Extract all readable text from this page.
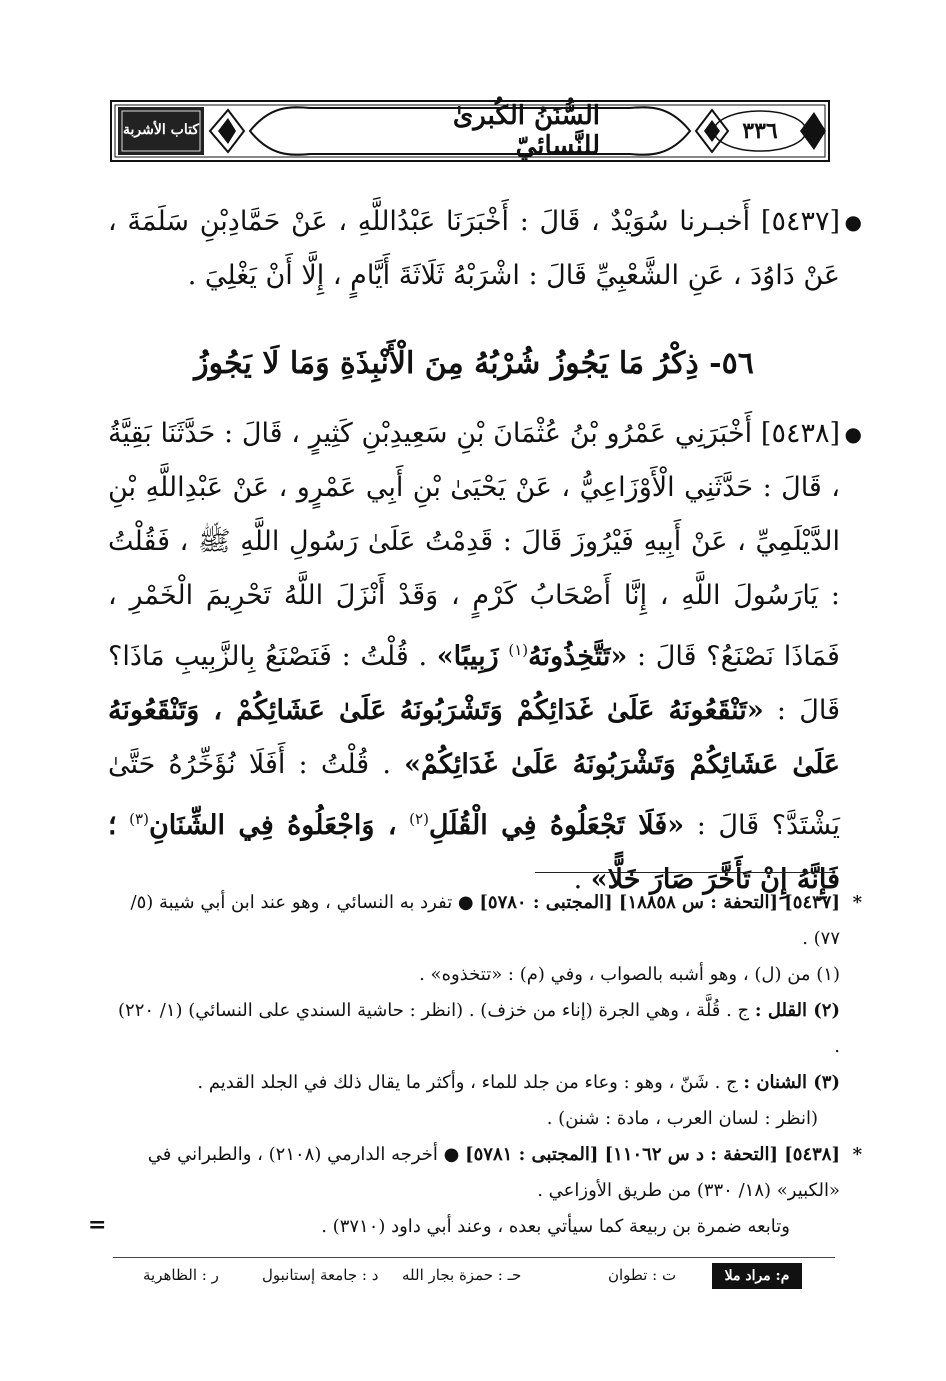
كتاب الأشربة	السُّنَنُ الكُبرىٰ للنَّسائيّ	٣٣٦

●
[٥٤٣٧] أَخبـرنا سُوَيْدٌ ، قَالَ : أَخْبَرَنَا عَبْدُاللَّهِ ، عَنْ حَمَّادِبْنِ سَلَمَةَ ، عَنْ دَاوُدَ ، عَنِ الشَّعْبِيِّ قَالَ : اشْرَبْهُ ثَلَاثَةَ أَيَّامٍ ، إِلَّا أَنْ يَغْلِيَ .

٥٦- ذِكْرُ مَا يَجُوزُ شُرْبُهُ مِنَ الْأَنْبِذَةِ وَمَا لَا يَجُوزُ

●
[٥٤٣٨] أَخْبَرَنِي عَمْرُو بْنُ عُثْمَانَ بْنِ سَعِيدِبْنِ كَثِيرٍ ، قَالَ : حَدَّثَنَا بَقِيَّةُ ، قَالَ : حَدَّثَنِي الْأَوْزَاعِيُّ ، عَنْ يَحْيَىٰ بْنِ أَبِي عَمْرٍو ، عَنْ عَبْدِاللَّهِ بْنِ الدَّيْلَمِيِّ ، عَنْ أَبِيهِ فَيْرُوزَ قَالَ : قَدِمْتُ عَلَىٰ رَسُولِ اللَّهِ ﷺ ، فَقُلْتُ : يَارَسُولَ اللَّهِ ، إِنَّا أَصْحَابُ كَرْمٍ ، وَقَدْ أَنْزَلَ اللَّهُ تَحْرِيمَ الْخَمْرِ ، فَمَاذَا نَصْنَعُ؟ قَالَ : «تَتَّخِذُونَهُ$^{(١)}$ زَبِيبًا» . قُلْتُ : فَنَصْنَعُ بِالزَّبِيبِ مَاذَا؟ قَالَ : «تَنْقَعُونَهُ عَلَىٰ غَدَائِكُمْ وَتَشْرَبُونَهُ عَلَىٰ عَشَائِكُمْ ، وَتَنْقَعُونَهُ عَلَىٰ عَشَائِكُمْ وَتَشْرَبُونَهُ عَلَىٰ غَدَائِكُمْ» . قُلْتُ : أَفَلَا نُؤَخِّرُهُ حَتَّىٰ يَشْتَدَّ؟ قَالَ : «فَلَا تَجْعَلُوهُ فِي الْقُلَلِ$^{(٢)}$ ، وَاجْعَلُوهُ فِي الشِّنَانِ$^{(٣)}$ ؛ فَإِنَّهُ إِنْ تَأَخَّرَ صَارَ خَلًّا» .

*
[٥٤٣٧] [التحفة : س ١٨٨٥٨] [المجتبى : ٥٧٨٠] ● تفرد به النسائي ، وهو عند ابن أبي شيبة (٥/ ٧٧) .

(١) من (ل) ، وهو أشبه بالصواب ، وفي (م) : «تتخذوه» .

(٢) القلل : ج . قُلَّة ، وهي الجرة (إناء من خزف) . (انظر : حاشية السندي على النسائي) (١/ ٢٢٠) .

(٣) الشنان : ج . شَنّ ، وهو : وعاء من جلد للماء ، وأكثر ما يقال ذلك في الجلد القديم .

(انظر : لسان العرب ، مادة : شنن) .

*
[٥٤٣٨] [التحفة : د س ١١٠٦٢] [المجتبى : ٥٧٨١] ● أخرجه الدارمي (٢١٠٨) ، والطبراني في «الكبير» (١٨/ ٣٣٠) من طريق الأوزاعي .

وتابعه ضمرة بن ربيعة كما سيأتي بعده ، وعند أبي داود (٣٧١٠) .

=
م: مراد ملا
ت : تطوان
حـ : حمزة بجار الله
د : جامعة إستانبول
ر : الظاهرية
